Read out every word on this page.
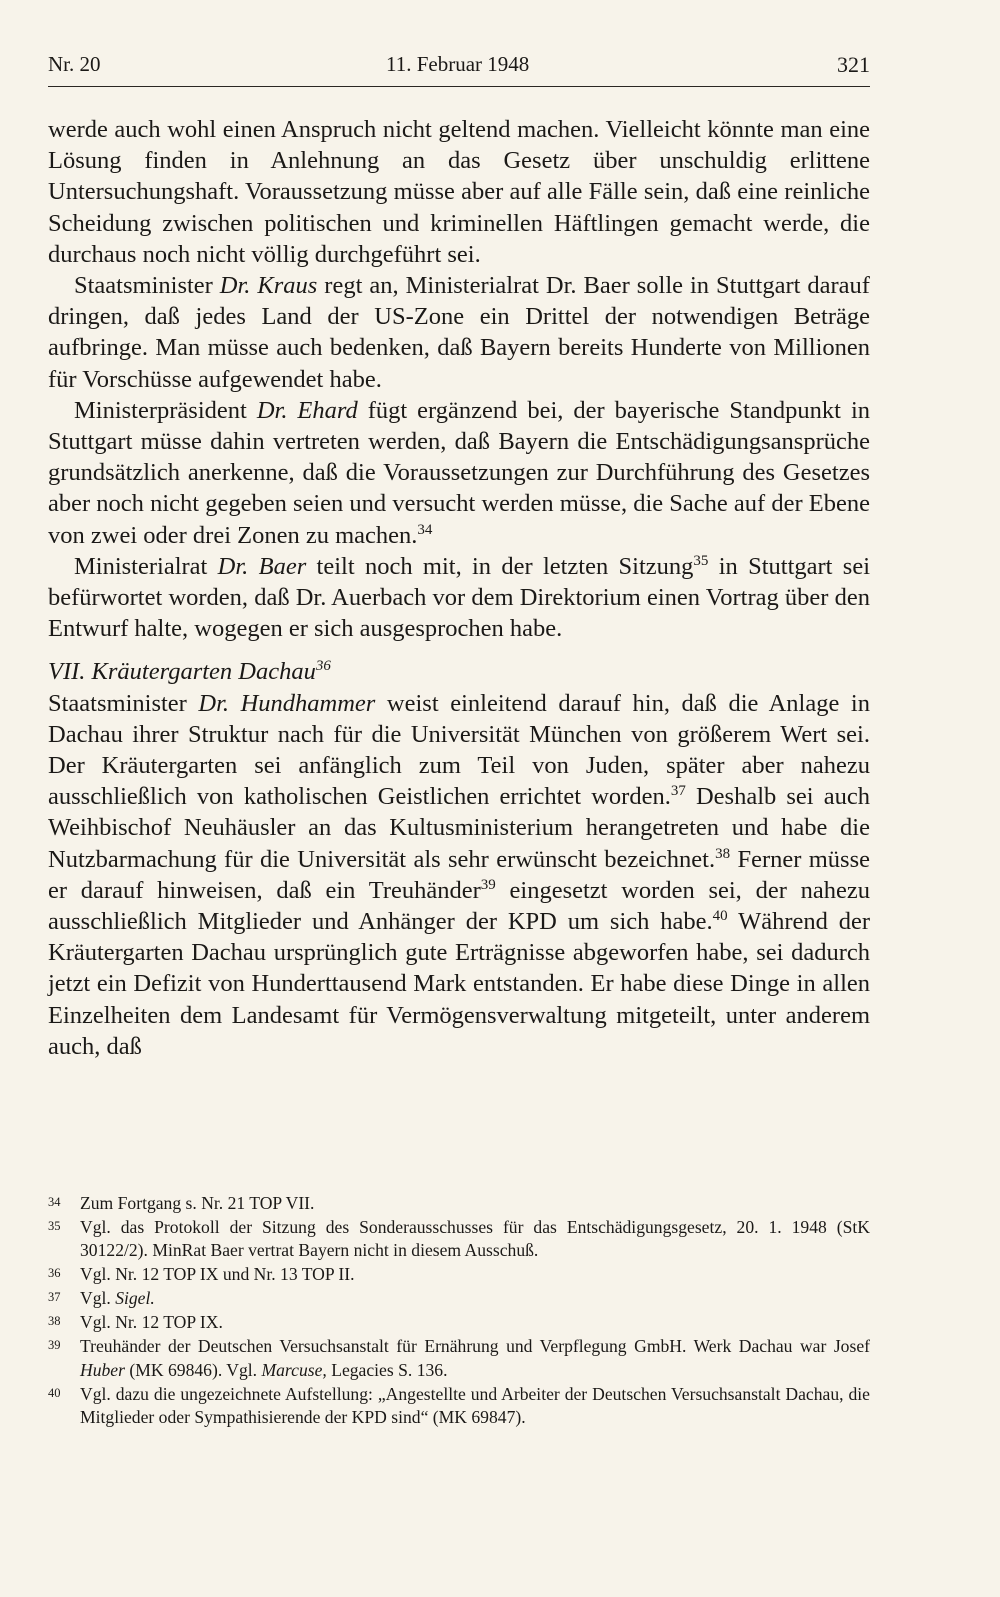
Nr. 20	11. Februar 1948	321

werde auch wohl einen Anspruch nicht geltend machen. Vielleicht könnte man eine Lösung finden in Anlehnung an das Gesetz über unschuldig erlittene Untersuchungshaft. Voraussetzung müsse aber auf alle Fälle sein, daß eine reinliche Scheidung zwischen politischen und kriminellen Häftlingen gemacht werde, die durchaus noch nicht völlig durchgeführt sei.

Staatsminister Dr. Kraus regt an, Ministerialrat Dr. Baer solle in Stuttgart darauf dringen, daß jedes Land der US-Zone ein Drittel der notwendigen Beträge aufbringe. Man müsse auch bedenken, daß Bayern bereits Hunderte von Millionen für Vorschüsse aufgewendet habe.

Ministerpräsident Dr. Ehard fügt ergänzend bei, der bayerische Standpunkt in Stuttgart müsse dahin vertreten werden, daß Bayern die Entschädigungsansprüche grundsätzlich anerkenne, daß die Voraussetzungen zur Durchführung des Gesetzes aber noch nicht gegeben seien und versucht werden müsse, die Sache auf der Ebene von zwei oder drei Zonen zu machen.$^{34}$

Ministerialrat Dr. Baer teilt noch mit, in der letzten Sitzung$^{35}$ in Stuttgart sei befürwortet worden, daß Dr. Auerbach vor dem Direktorium einen Vortrag über den Entwurf halte, wogegen er sich ausgesprochen habe.

VII. Kräutergarten Dachau$^{36}$

Staatsminister Dr. Hundhammer weist einleitend darauf hin, daß die Anlage in Dachau ihrer Struktur nach für die Universität München von größerem Wert sei. Der Kräutergarten sei anfänglich zum Teil von Juden, später aber nahezu ausschließlich von katholischen Geistlichen errichtet worden.$^{37}$ Deshalb sei auch Weihbischof Neuhäusler an das Kultusministerium herangetreten und habe die Nutzbarmachung für die Universität als sehr erwünscht bezeichnet.$^{38}$ Ferner müsse er darauf hinweisen, daß ein Treuhänder$^{39}$ eingesetzt worden sei, der nahezu ausschließlich Mitglieder und Anhänger der KPD um sich habe.$^{40}$ Während der Kräutergarten Dachau ursprünglich gute Erträgnisse abgeworfen habe, sei dadurch jetzt ein Defizit von Hunderttausend Mark entstanden. Er habe diese Dinge in allen Einzelheiten dem Landesamt für Vermögensverwaltung mitgeteilt, unter anderem auch, daß

34 Zum Fortgang s. Nr. 21 TOP VII.
35 Vgl. das Protokoll der Sitzung des Sonderausschusses für das Entschädigungsgesetz, 20. 1. 1948 (StK 30122/2). MinRat Baer vertrat Bayern nicht in diesem Ausschuß.
36 Vgl. Nr. 12 TOP IX und Nr. 13 TOP II.
37 Vgl. Sigel.
38 Vgl. Nr. 12 TOP IX.
39 Treuhänder der Deutschen Versuchsanstalt für Ernährung und Verpflegung GmbH. Werk Dachau war Josef Huber (MK 69846). Vgl. Marcuse, Legacies S. 136.
40 Vgl. dazu die ungezeichnete Aufstellung: „Angestellte und Arbeiter der Deutschen Versuchsanstalt Dachau, die Mitglieder oder Sympathisierende der KPD sind“ (MK 69847).
